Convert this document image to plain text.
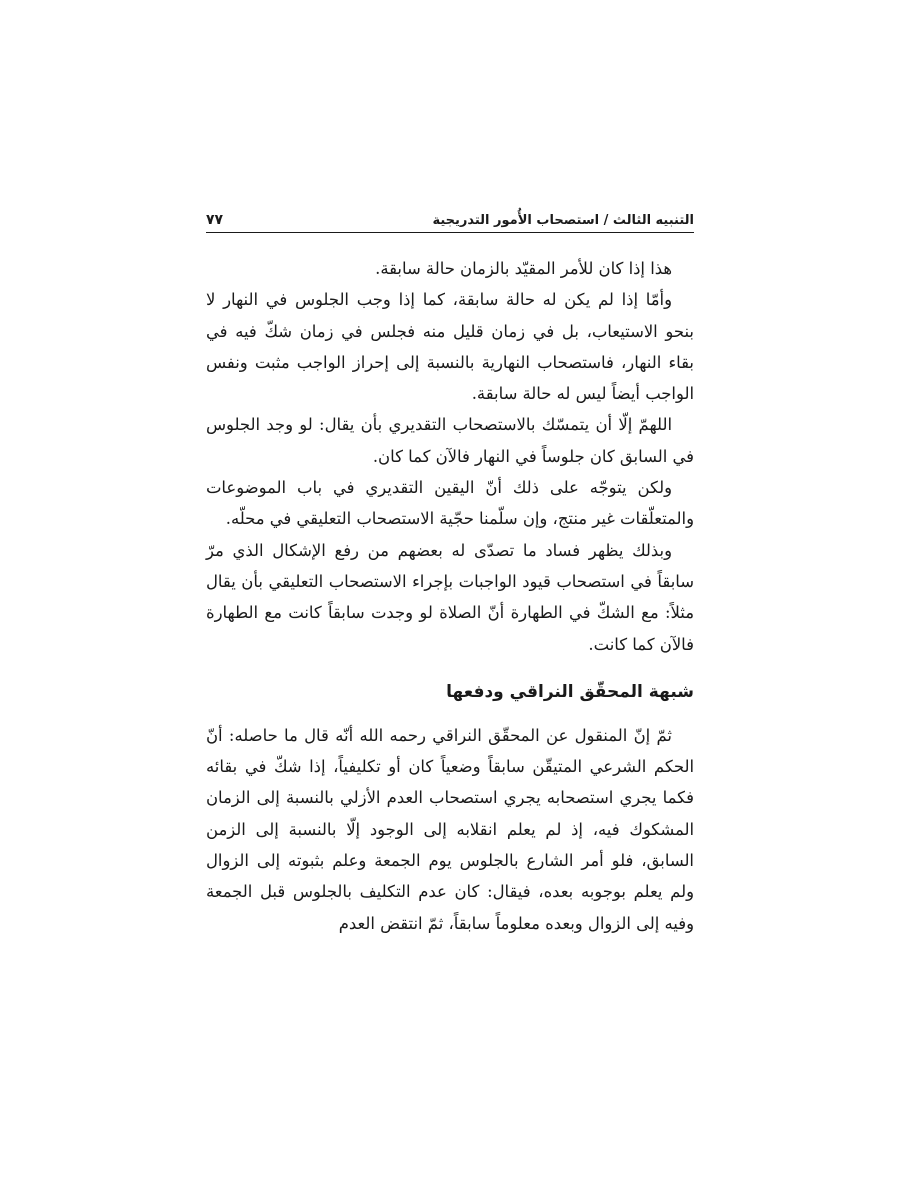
التنبيه الثالث / استصحاب الأُمور التدريجية
٧٧

هذا إذا كان للأمر المقيّد بالزمان حالة سابقة.

وأمّا إذا لم يكن له حالة سابقة، كما إذا وجب الجلوس في النهار لا بنحو الاستيعاب، بل في زمان قليل منه فجلس في زمان شكّ فيه في بقاء النهار، فاستصحاب النهارية بالنسبة إلى إحراز الواجب مثبت ونفس الواجب أيضاً ليس له حالة سابقة.

اللهمّ إلّا أن يتمسّك بالاستصحاب التقديري بأن يقال: لو وجد الجلوس في السابق كان جلوساً في النهار فالآن كما كان.

ولكن يتوجّه على ذلك أنّ اليقين التقديري في باب الموضوعات والمتعلّقات غير منتج، وإن سلّمنا حجّية الاستصحاب التعليقي في محلّه.

وبذلك يظهر فساد ما تصدّى له بعضهم من رفع الإشكال الذي مرّ سابقاً في استصحاب قيود الواجبات بإجراء الاستصحاب التعليقي بأن يقال مثلاً: مع الشكّ في الطهارة أنّ الصلاة لو وجدت سابقاً كانت مع الطهارة فالآن كما كانت.

شبهة المحقّق النراقي ودفعها

ثمّ إنّ المنقول عن المحقّق النراقي رحمه الله أنّه قال ما حاصله: أنّ الحكم الشرعي المتيقّن سابقاً وضعياً كان أو تكليفياً، إذا شكّ في بقائه فكما يجري استصحابه يجري استصحاب العدم الأزلي بالنسبة إلى الزمان المشكوك فيه، إذ لم يعلم انقلابه إلى الوجود إلّا بالنسبة إلى الزمن السابق، فلو أمر الشارع بالجلوس يوم الجمعة وعلم بثبوته إلى الزوال ولم يعلم بوجوبه بعده، فيقال: كان عدم التكليف بالجلوس قبل الجمعة وفيه إلى الزوال وبعده معلوماً سابقاً، ثمّ انتقض العدم
